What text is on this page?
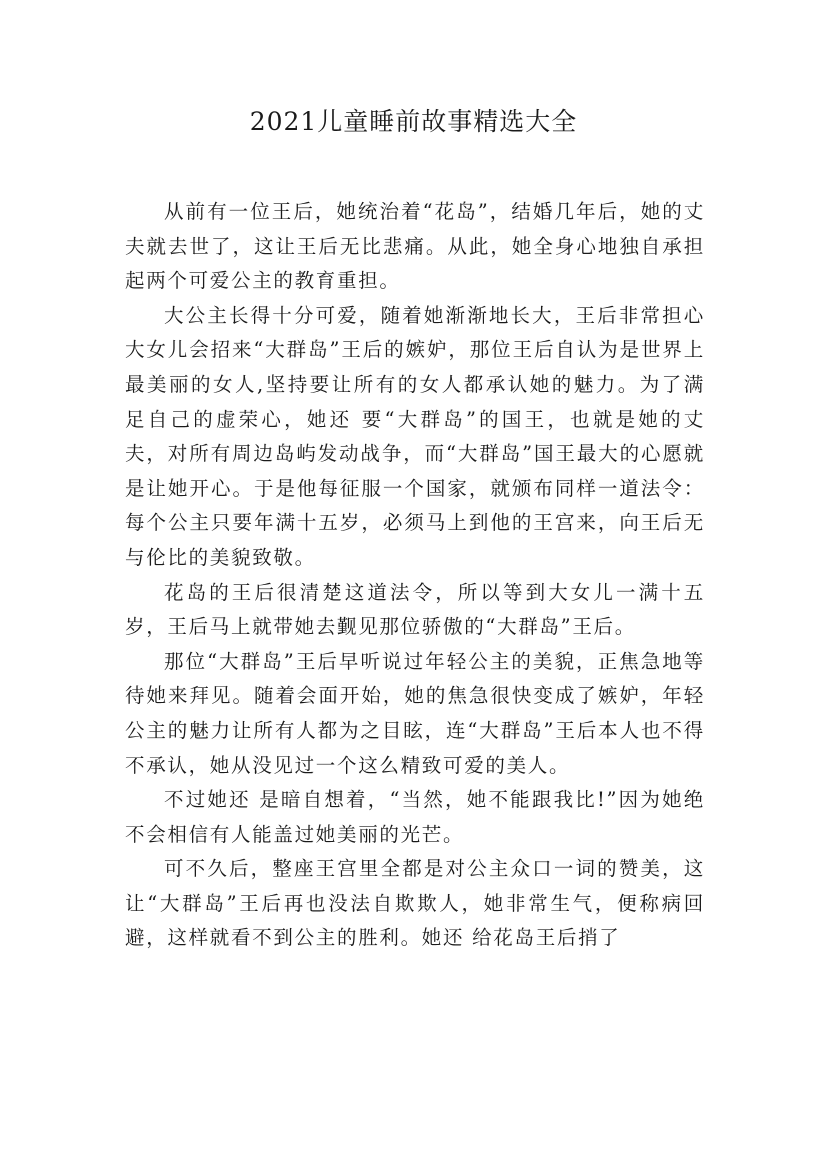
2021儿童睡前故事精选大全

从前有一位王后，她统治着“花岛”，结婚几年后，她的丈夫就去世了，这让王后无比悲痛。从此，她全身心地独自承担起两个可爱公主的教育重担。

大公主长得十分可爱，随着她渐渐地长大，王后非常担心大女儿会招来“大群岛”王后的嫉妒，那位王后自认为是世界上最美丽的女人,坚持要让所有的女人都承认她的魅力。为了满足自己的虚荣心，她还 要“大群岛”的国王，也就是她的丈夫，对所有周边岛屿发动战争，而“大群岛”国王最大的心愿就是让她开心。于是他每征服一个国家，就颁布同样一道法令：每个公主只要年满十五岁，必须马上到他的王宫来，向王后无与伦比的美貌致敬。

花岛的王后很清楚这道法令，所以等到大女儿一满十五岁，王后马上就带她去觐见那位骄傲的“大群岛”王后。

那位“大群岛”王后早听说过年轻公主的美貌，正焦急地等待她来拜见。随着会面开始，她的焦急很快变成了嫉妒，年轻公主的魅力让所有人都为之目眩，连“大群岛”王后本人也不得不承认，她从没见过一个这么精致可爱的美人。

不过她还 是暗自想着，“当然，她不能跟我比!”因为她绝不会相信有人能盖过她美丽的光芒。

可不久后，整座王宫里全都是对公主众口一词的赞美，这让“大群岛”王后再也没法自欺欺人，她非常生气，便称病回避，这样就看不到公主的胜利。她还 给花岛王后捎了
